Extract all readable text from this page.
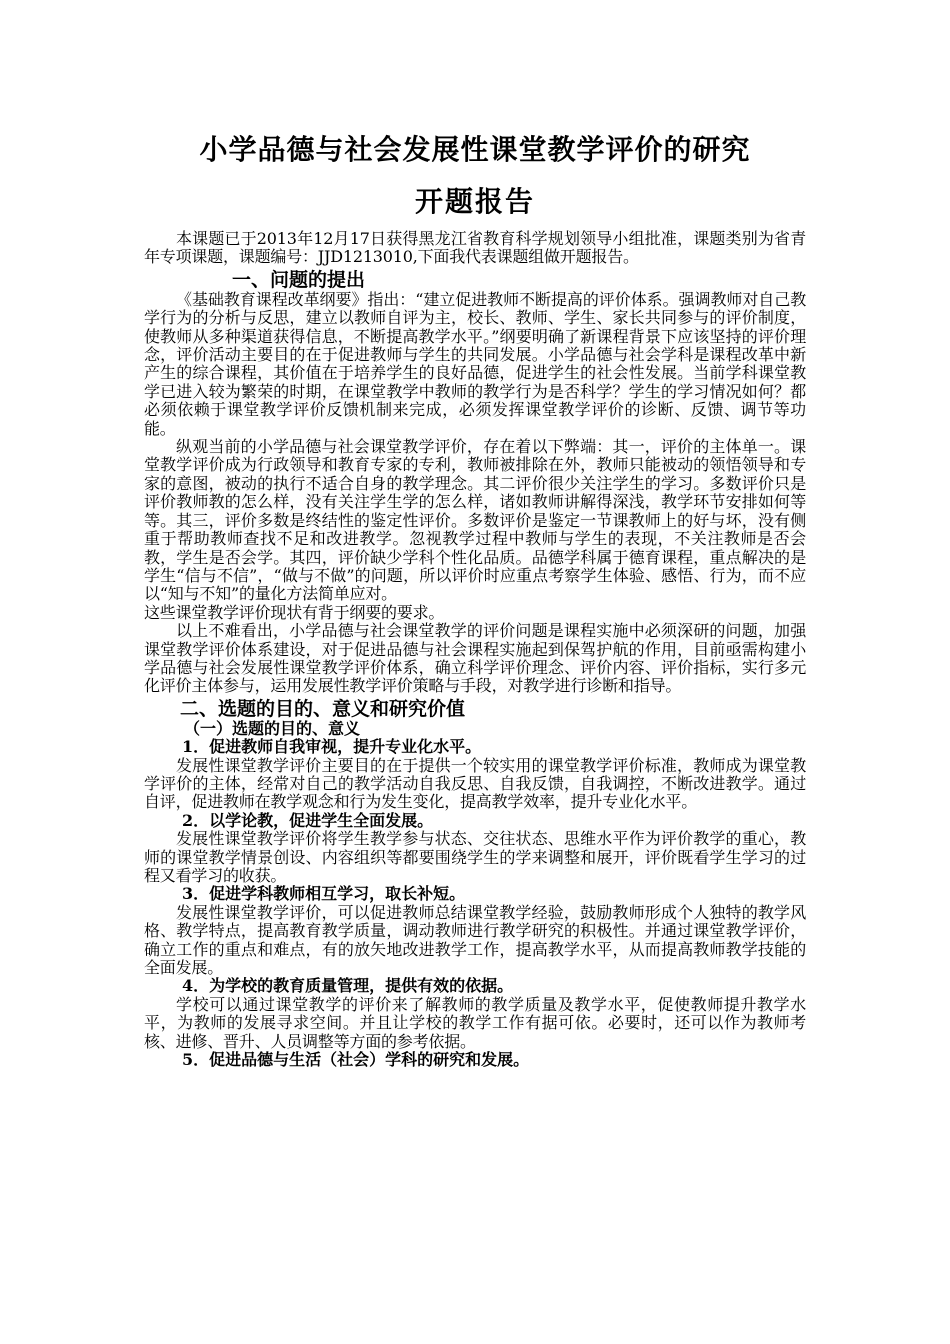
小学品德与社会发展性课堂教学评价的研究
开题报告

本课题已于2013年12月17日获得黑龙江省教育科学规划领导小组批准，课题类别为省青年专项课题，课题编号：JJD1213010,下面我代表课题组做开题报告。

一、问题的提出

《基础教育课程改革纲要》指出：“建立促进教师不断提高的评价体系。强调教师对自己教学行为的分析与反思，建立以教师自评为主，校长、教师、学生、家长共同参与的评价制度，使教师从多种渠道获得信息，不断提高教学水平。”纲要明确了新课程背景下应该坚持的评价理念，评价活动主要目的在于促进教师与学生的共同发展。小学品德与社会学科是课程改革中新产生的综合课程，其价值在于培养学生的良好品德，促进学生的社会性发展。当前学科课堂教学已进入较为繁荣的时期，在课堂教学中教师的教学行为是否科学？学生的学习情况如何？都必须依赖于课堂教学评价反馈机制来完成，必须发挥课堂教学评价的诊断、反馈、调节等功能。

纵观当前的小学品德与社会课堂教学评价，存在着以下弊端：其一，评价的主体单一。课堂教学评价成为行政领导和教育专家的专利，教师被排除在外，教师只能被动的领悟领导和专家的意图，被动的执行不适合自身的教学理念。其二评价很少关注学生的学习。多数评价只是评价教师教的怎么样，没有关注学生学的怎么样，诸如教师讲解得深浅，教学环节安排如何等等。其三，评价多数是终结性的鉴定性评价。多数评价是鉴定一节课教师上的好与坏，没有侧重于帮助教师查找不足和改进教学。忽视教学过程中教师与学生的表现，不关注教师是否会教，学生是否会学。其四，评价缺少学科个性化品质。品德学科属于德育课程，重点解决的是学生“信与不信”，“做与不做”的问题，所以评价时应重点考察学生体验、感悟、行为，而不应以“知与不知”的量化方法简单应对。

这些课堂教学评价现状有背于纲要的要求。

以上不难看出，小学品德与社会课堂教学的评价问题是课程实施中必须深研的问题，加强课堂教学评价体系建设，对于促进品德与社会课程实施起到保驾护航的作用，目前亟需构建小学品德与社会发展性课堂教学评价体系，确立科学评价理念、评价内容、评价指标，实行多元化评价主体参与，运用发展性教学评价策略与手段，对教学进行诊断和指导。

二、选题的目的、意义和研究价值
（一）选题的目的、意义
1．促进教师自我审视，提升专业化水平。

发展性课堂教学评价主要目的在于提供一个较实用的课堂教学评价标准，教师成为课堂教学评价的主体，经常对自己的教学活动自我反思、自我反馈，自我调控，不断改进教学。通过自评，促进教师在教学观念和行为发生变化，提高教学效率，提升专业化水平。

2．以学论教，促进学生全面发展。

发展性课堂教学评价将学生教学参与状态、交往状态、思维水平作为评价教学的重心，教师的课堂教学情景创设、内容组织等都要围绕学生的学来调整和展开，评价既看学生学习的过程又看学习的收获。

3．促进学科教师相互学习，取长补短。

发展性课堂教学评价，可以促进教师总结课堂教学经验，鼓励教师形成个人独特的教学风格、教学特点，提高教育教学质量，调动教师进行教学研究的积极性。并通过课堂教学评价，确立工作的重点和难点，有的放矢地改进教学工作，提高教学水平，从而提高教师教学技能的全面发展。

4．为学校的教育质量管理，提供有效的依据。

学校可以通过课堂教学的评价来了解教师的教学质量及教学水平，促使教师提升教学水平，为教师的发展寻求空间。并且让学校的教学工作有据可依。必要时，还可以作为教师考核、进修、晋升、人员调整等方面的参考依据。

5．促进品德与生活（社会）学科的研究和发展。
